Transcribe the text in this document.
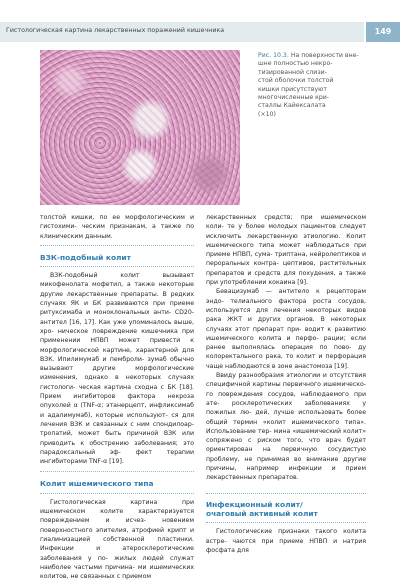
Гистологическая картина лекарственных поражений кишечника	149
Рис. 10.3. На поверхности вне-
шне полностью некро-
тизированной слизи-
стой оболочки толстой
кишки присутствуют
многочисленные кри-
сталлы Кайексалата
(×10)

толстой кишки, по ее морфологическим и гистохими- ческим признакам, а также по клиническим данным.

ВЗК-подобный колит

ВЗК-подобный колит вызывает микофенолата мофетил, а также некоторые другие лекарственные препараты. В редких случаях ЯК и БК развиваются при приеме ритуксимаба и моноклональных анти- CD20-антител [16, 17]. Как уже упоминалось выше, хро- ническое повреждение кишечника при применении НПВП может привести к морфологической картине, характерной для ВЗК. Ипилимумаб и пембрoли- зумаб обычно вызывают другие морфологические изменения, однако в некоторых случаях гистологи- ческая картина сходна с БК [18]. Прием ингибиторов фактора некроза опухолей α (TNF-α; этанерцепт, инфликсимаб и адалимумаб), которые используют- ся для лечения ВЗК и связанных с ним спондилоар- тропатий, может быть причиной ВЗК или приводить к обострению заболевания; это парадоксальный эф- фект терапии ингибиторами TNF-α [19].

Колит ишемического типа

Гистологическая картина при ишемическом колите характеризуется повреждением и исчез-	новением поверхностного эпителия, атрофией крипт и гиалинизацией собственной пластинки. Инфекции и атеросклеротические заболевания у по- жилых людей служат наиболее частыми причина- ми ишемических колитов, не связанных с приемом

лекарственных средств; при ишемическом коли- те у более молодых пациентов следует исключить лекарственную этиологию. Колит ишемического типа может наблюдаться при приеме НПВП, сума- триптана, нейролептиков и пероральных контра- цептивов, растительных препаратов и средств для похудения, а также при употреблении кокаина [9].

Бевацизумаб — антитело к рецепторам эндо- телиального фактора роста сосудов, используется для лечения некоторых видов рака ЖКТ и других органов. В некоторых случаях этот препарат при- водит к развитию ишемического колита и перфо- рации; если ранее выполнялась операция по пово- ду колоректального рака, то колит и перфорация чаще наблюдаются в зоне анастомоза [19].

Ввиду разнообразия этиологии и отсутствия специфичной картины первичного ишемическо- го повреждения сосудов, наблюдаемого при ате- росклеротических заболеваниях у пожилых лю- дей, лучше использовать более общий термин «колит ишемического типа». Использование тер- мина «ишемический колит» сопряжено с риском того, что врач будет ориентирован на первичную сосудистую проблему, не принимая во внимание другие причины, например инфекции и прием лекарственных препаратов.

Инфекционный колит/
очаговый активный колит

Гистологические признаки такого колита встре- чаются при приеме НПВП и натрия фосфата для
